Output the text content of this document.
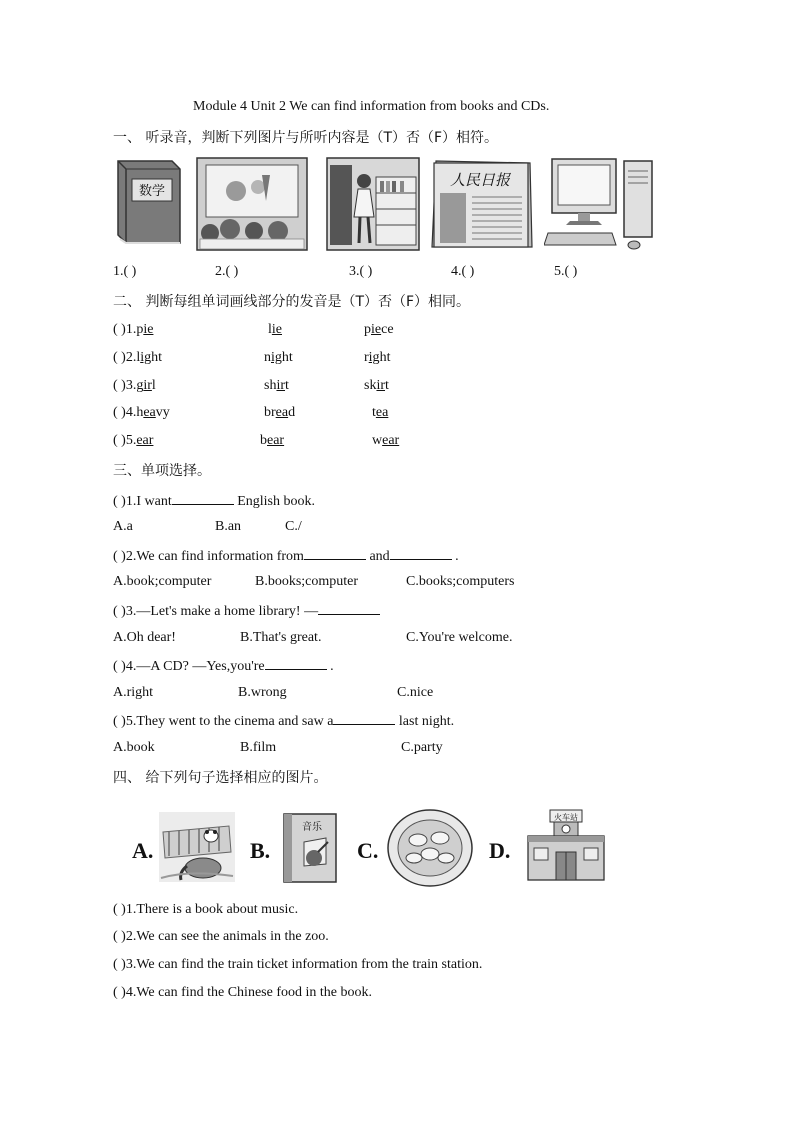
Module 4 Unit 2 We can find information from books and CDs.
一、 听录音，判断下列图片与所听内容是（T）否（F）相符。
数学
人民日报
1.( )	2.( )	3.( )	4.( )	5.( )
二、 判断每组单词画线部分的发音是（T）否（F）相同。
( )1.pie	lie	piece
( )2.light	night	right
( )3.girl	shirt	skirt
( )4.heavy	bread	tea
( )5.ear	bear	wear
三、单项选择。
( )1.I want	English book.
A.a	B.an	C./
( )2.We can find information from	and	.
A.book;computer	B.books;computer	C.books;computers
( )3.—Let's make a home library! —
A.Oh dear!	B.That's great.	C.You're welcome.
( )4.—A CD? —Yes,you're	.
A.right	B.wrong	C.nice
( )5.They went to the cinema and saw a	last night.
A.book	B.film	C.party
四、 给下列句子选择相应的图片。
A.	B.
音乐
C.	D.
火车站
( )1.There is a book about music.
( )2.We can see the animals in the zoo.
( )3.We can find the train ticket information from the train station.
( )4.We can find the Chinese food in the book.
